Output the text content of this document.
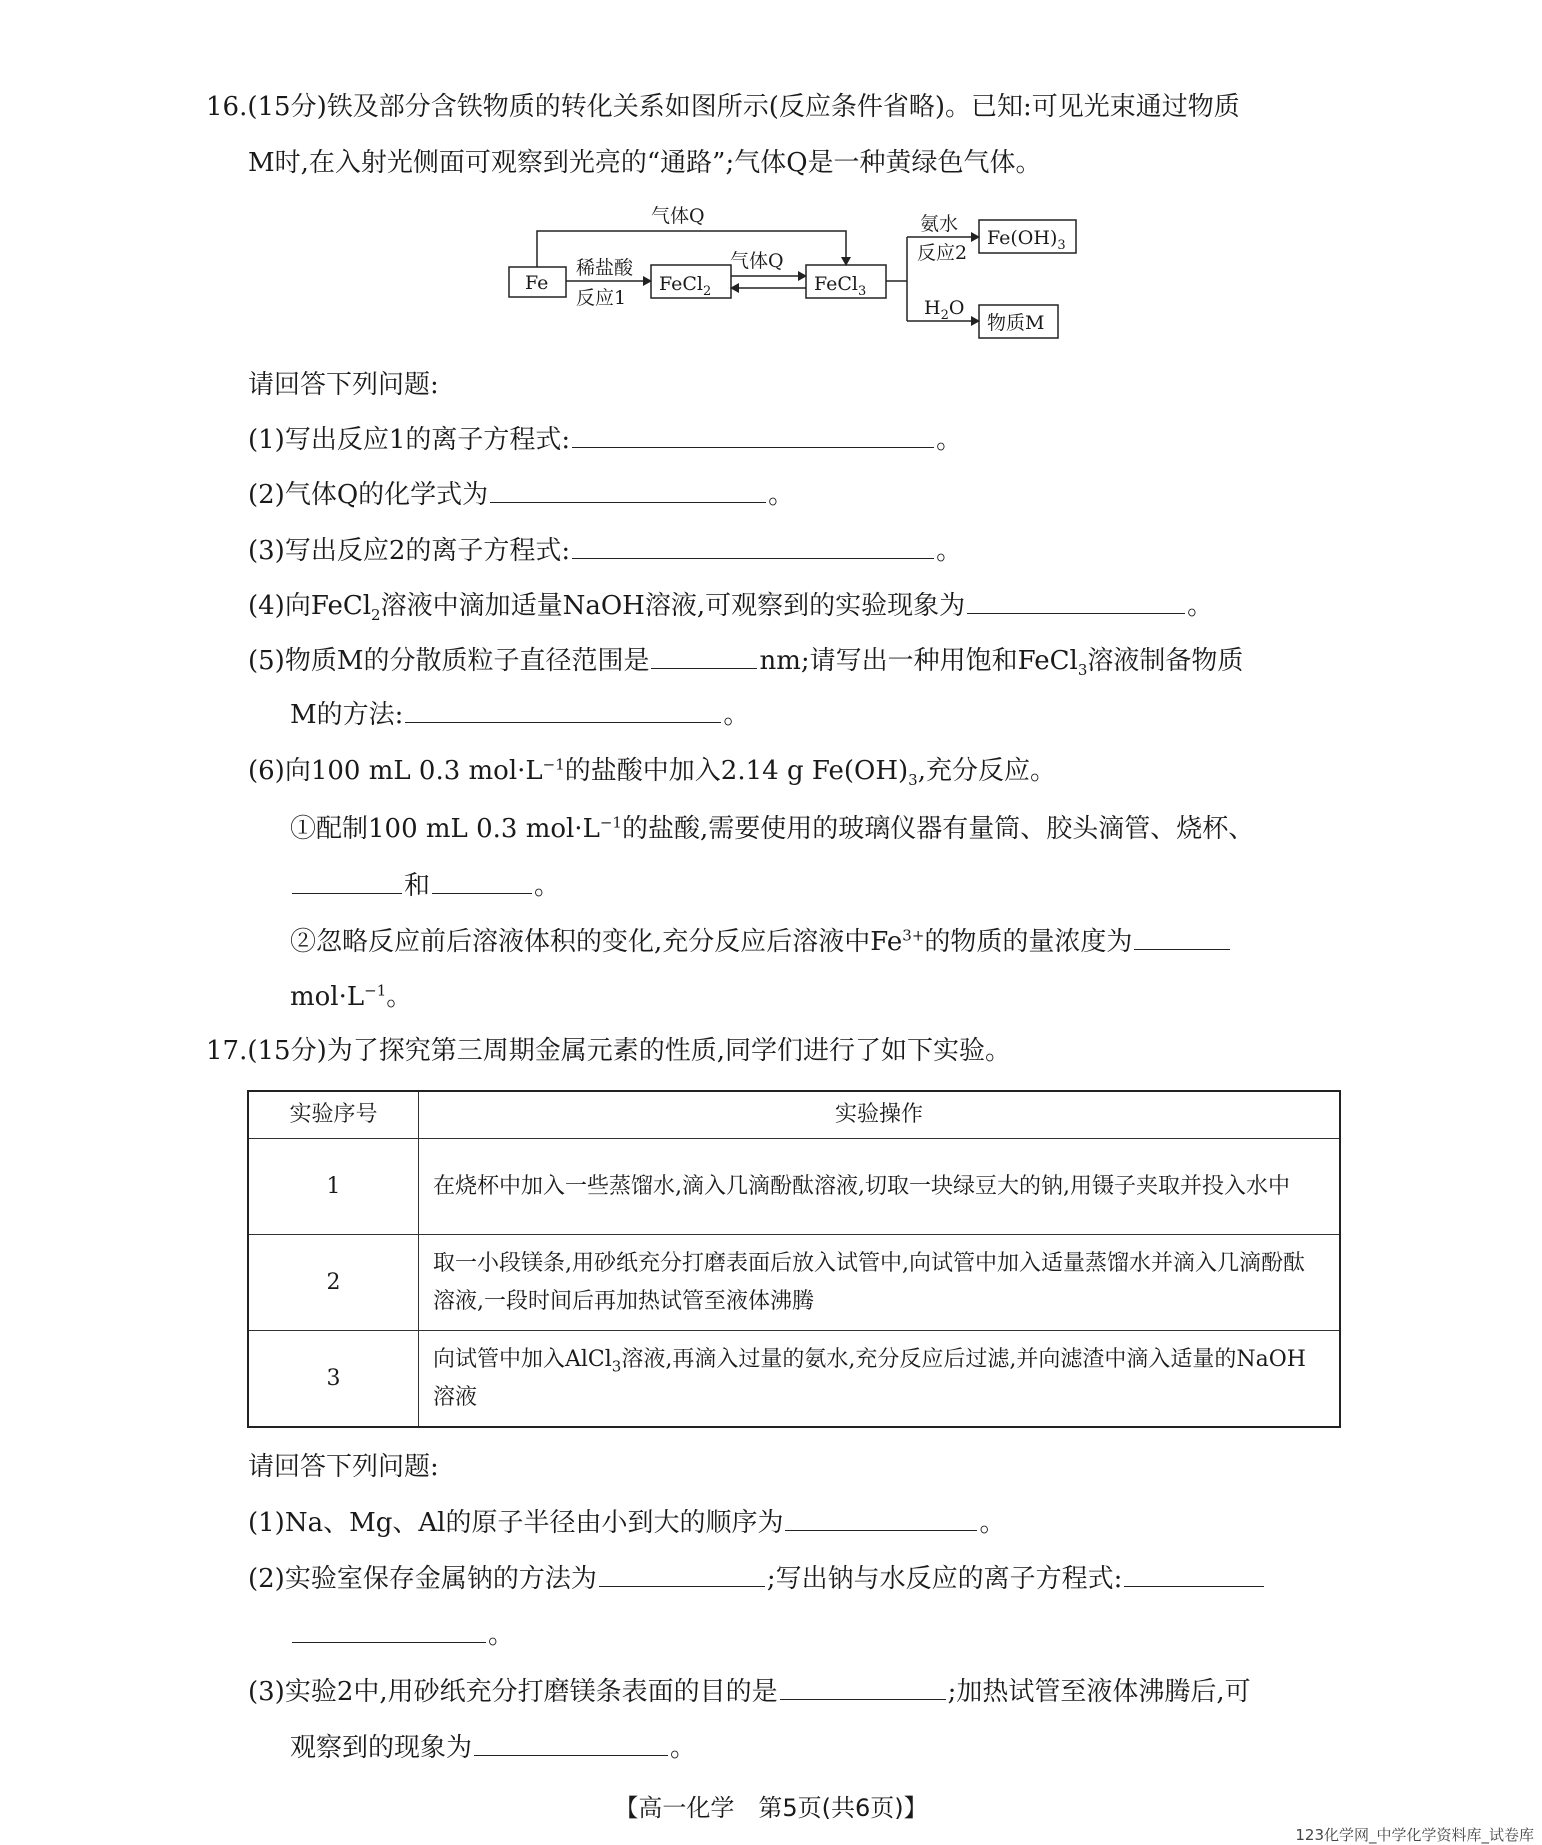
16.(15分)铁及部分含铁物质的转化关系如图所示(反应条件省略)。已知:可见光束通过物质
M时,在入射光侧面可观察到光亮的“通路”;气体Q是一种黄绿色气体。
Fe	FeCl$_2$	FeCl$_3$
$Fe(OH)_3$
物质M
气体Q
气体Q
稀盐酸
反应1
氨水
反应2
$H_2O$
请回答下列问题:
(1)写出反应1的离子方程式:	。
(2)气体Q的化学式为	。
(3)写出反应2的离子方程式:	。
(4)向FeCl$_2$溶液中滴加适量NaOH溶液,可观察到的实验现象为	。
(5)物质M的分散质粒子直径范围是	nm;请写出一种用饱和FeCl$_3$溶液制备物质
M的方法:	。
(6)向100 mL 0.3 $mol\cdot L^{-1}$的盐酸中加入2.14 g $Fe(OH)_3$,充分反应。
①配制100 mL 0.3 $mol\cdot L^{-1}$的盐酸,需要使用的玻璃仪器有量筒、胶头滴管、烧杯、
和	。
②忽略反应前后溶液体积的变化,充分反应后溶液中$Fe^{3+}$的物质的量浓度为
$mol\cdot L^{-1}$。
17.(15分)为了探究第三周期金属元素的性质,同学们进行了如下实验。
实验序号	实验操作
1	在烧杯中加入一些蒸馏水,滴入几滴酚酞溶液,切取一块绿豆大的钠,用镊子夹取并投入水中
2	取一小段镁条,用砂纸充分打磨表面后放入试管中,向试管中加入适量蒸馏水并滴入几滴酚酞溶液,一段时间后再加热试管至液体沸腾
3	向试管中加入AlCl$_3$溶液,再滴入过量的氨水,充分反应后过滤,并向滤渣中滴入适量的NaOH溶液
请回答下列问题:
(1)Na、Mg、Al的原子半径由小到大的顺序为	。
(2)实验室保存金属钠的方法为	;写出钠与水反应的离子方程式:
。
(3)实验2中,用砂纸充分打磨镁条表面的目的是	;加热试管至液体沸腾后,可
观察到的现象为	。
【高一化学　第5页(共6页)】
123化学网_中学化学资料库_试卷库
